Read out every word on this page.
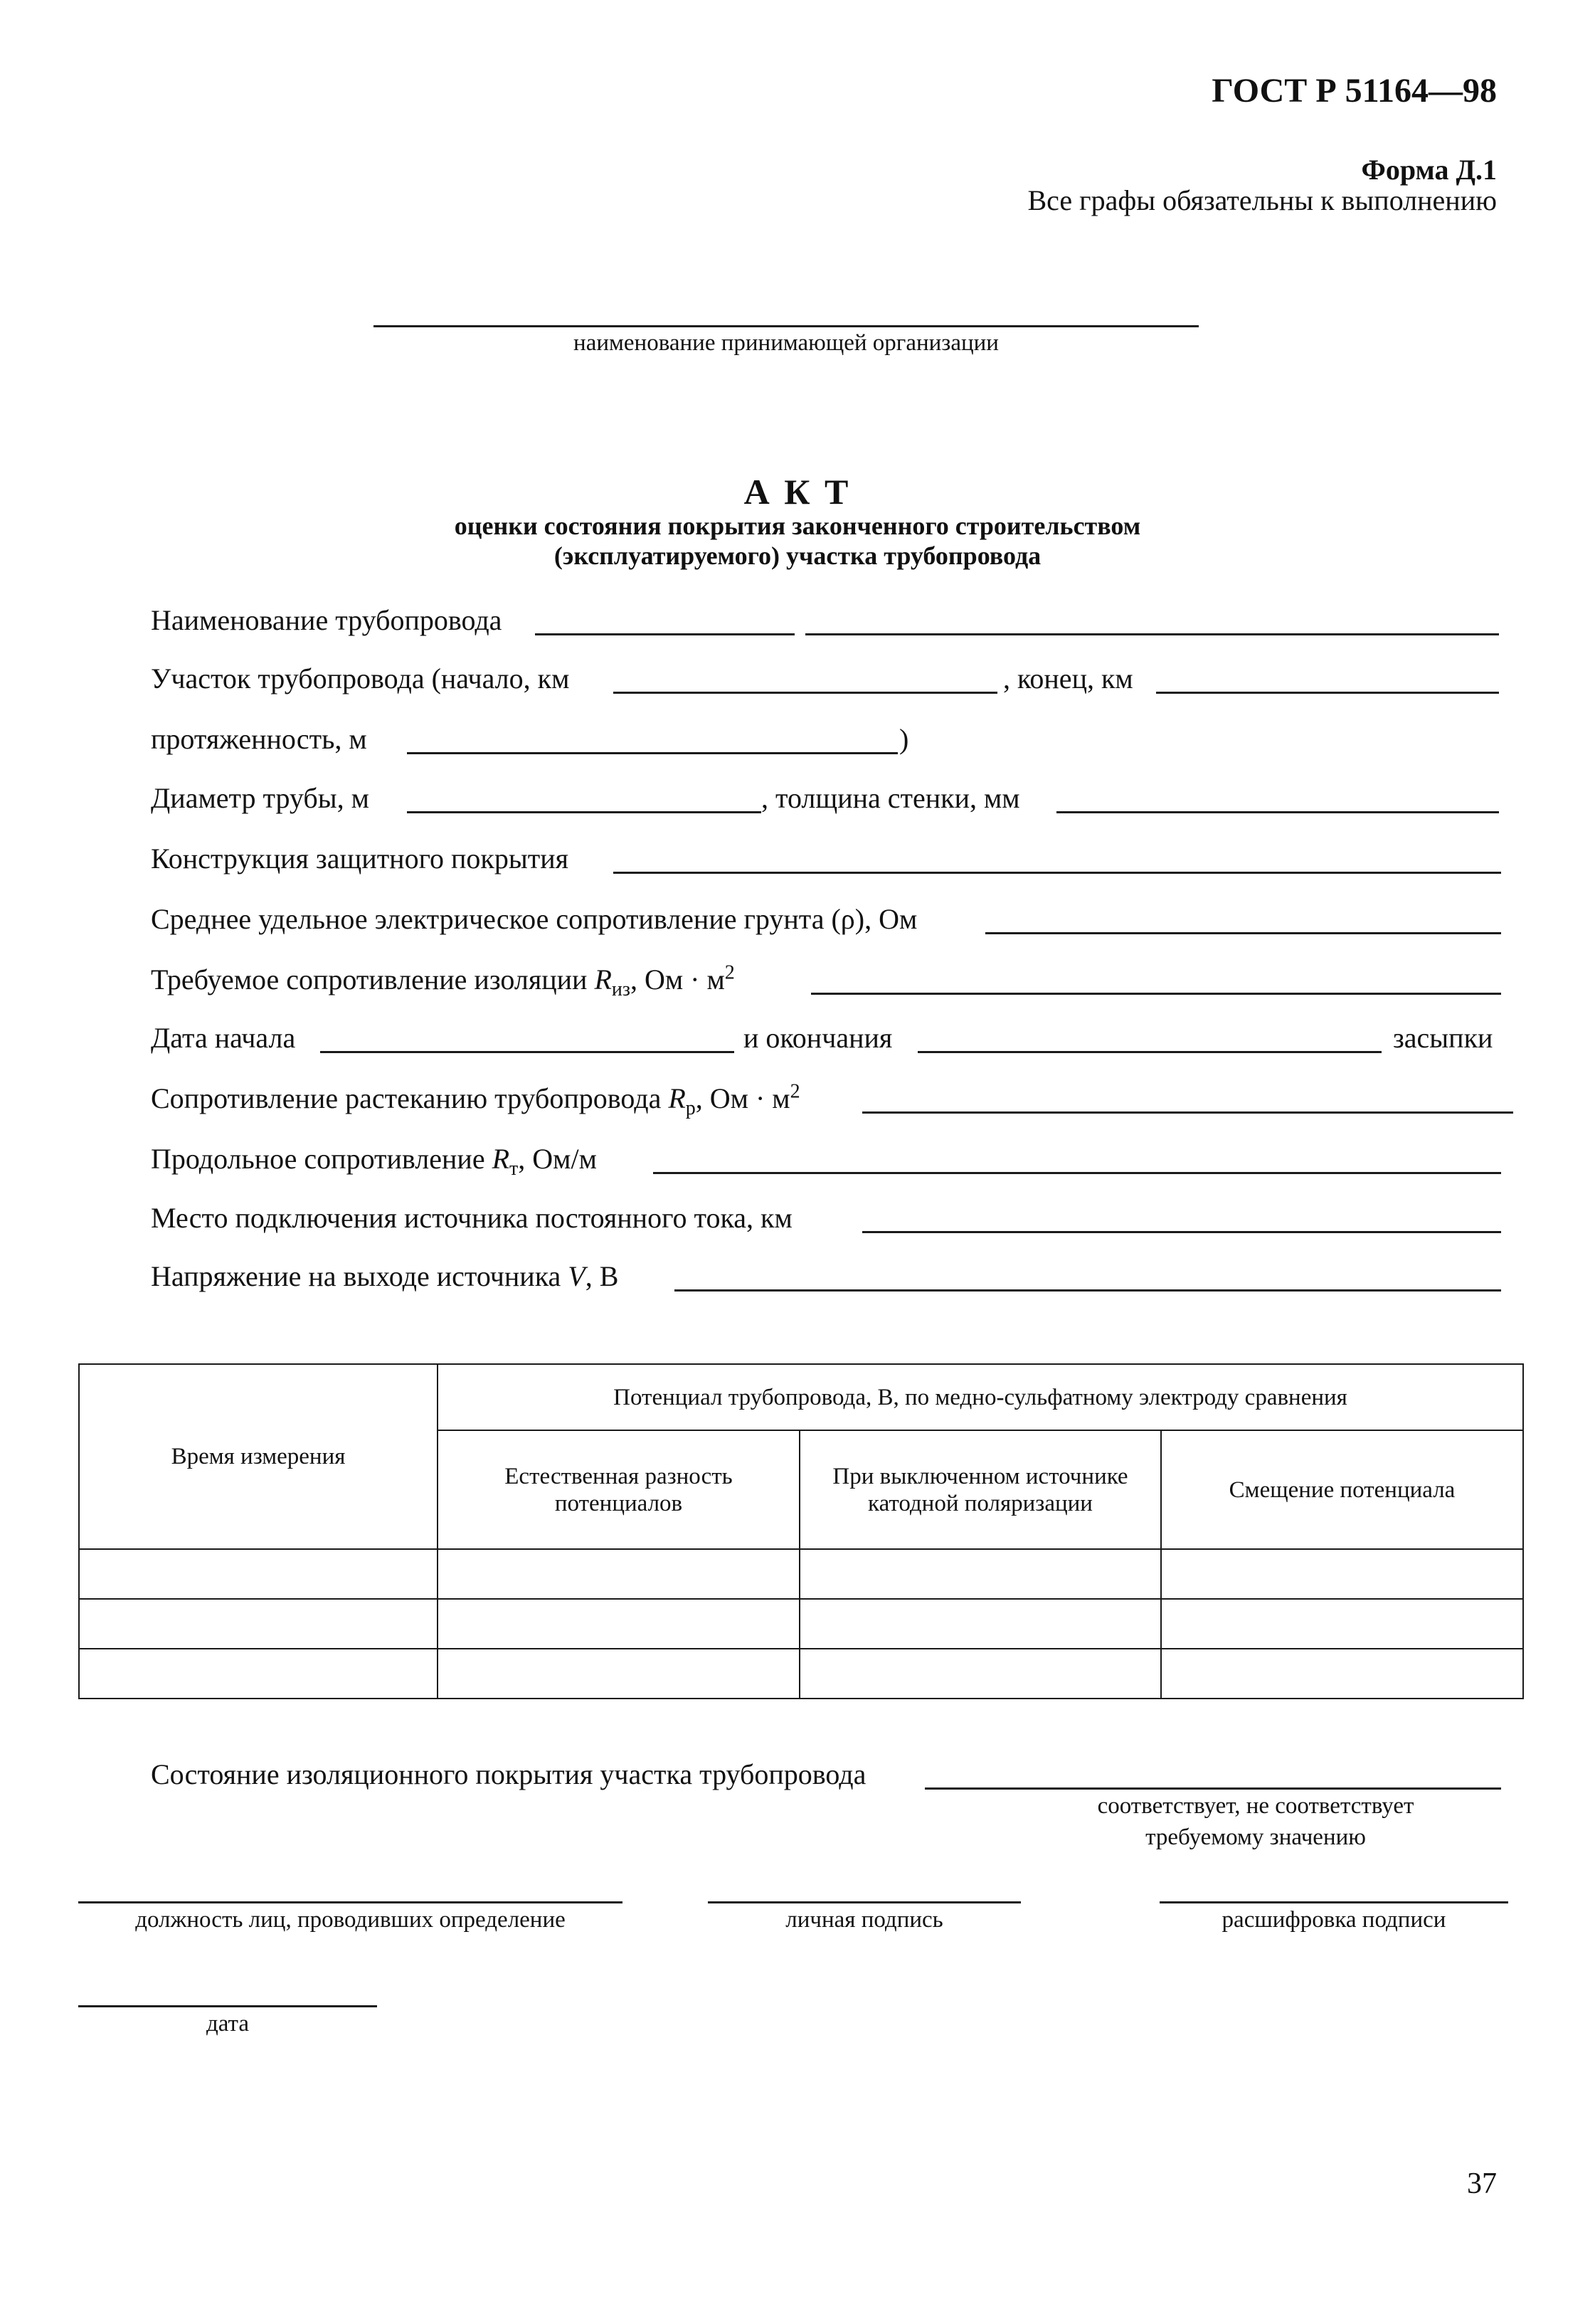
ГОСТ Р 51164—98
Форма Д.1
Все графы обязательны к выполнению
наименование принимающей организации
А К Т
оценки состояния покрытия законченного строительством
(эксплуатируемого) участка трубопровода
Наименование трубопровода
Участок трубопровода (начало, км	, конец, км
протяженность, м	)
Диаметр трубы, м	, толщина стенки, мм
Конструкция защитного покрытия
Среднее удельное электрическое сопротивление грунта (ρ), Ом
Требуемое сопротивление изоляции $R_{из}$, Ом · $м^2$
Дата начала	и окончания	засыпки
Сопротивление растеканию трубопровода $R_р$, Ом · $м^2$
Продольное сопротивление $R_т$, Ом/м
Место подключения источника постоянного тока, км
Напряжение на выходе источника V, В
Время измерения	Потенциал трубопровода, В, по медно-сульфатному электроду сравнения		
	Естественная разность потенциалов	При выключенном источнике катодной поляризации	Смещение потенциала

Состояние изоляционного покрытия участка трубопровода
соответствует, не соответствует
требуемому значению
должность лиц, проводивших определение	личная подпись	расшифровка подписи
дата
37
